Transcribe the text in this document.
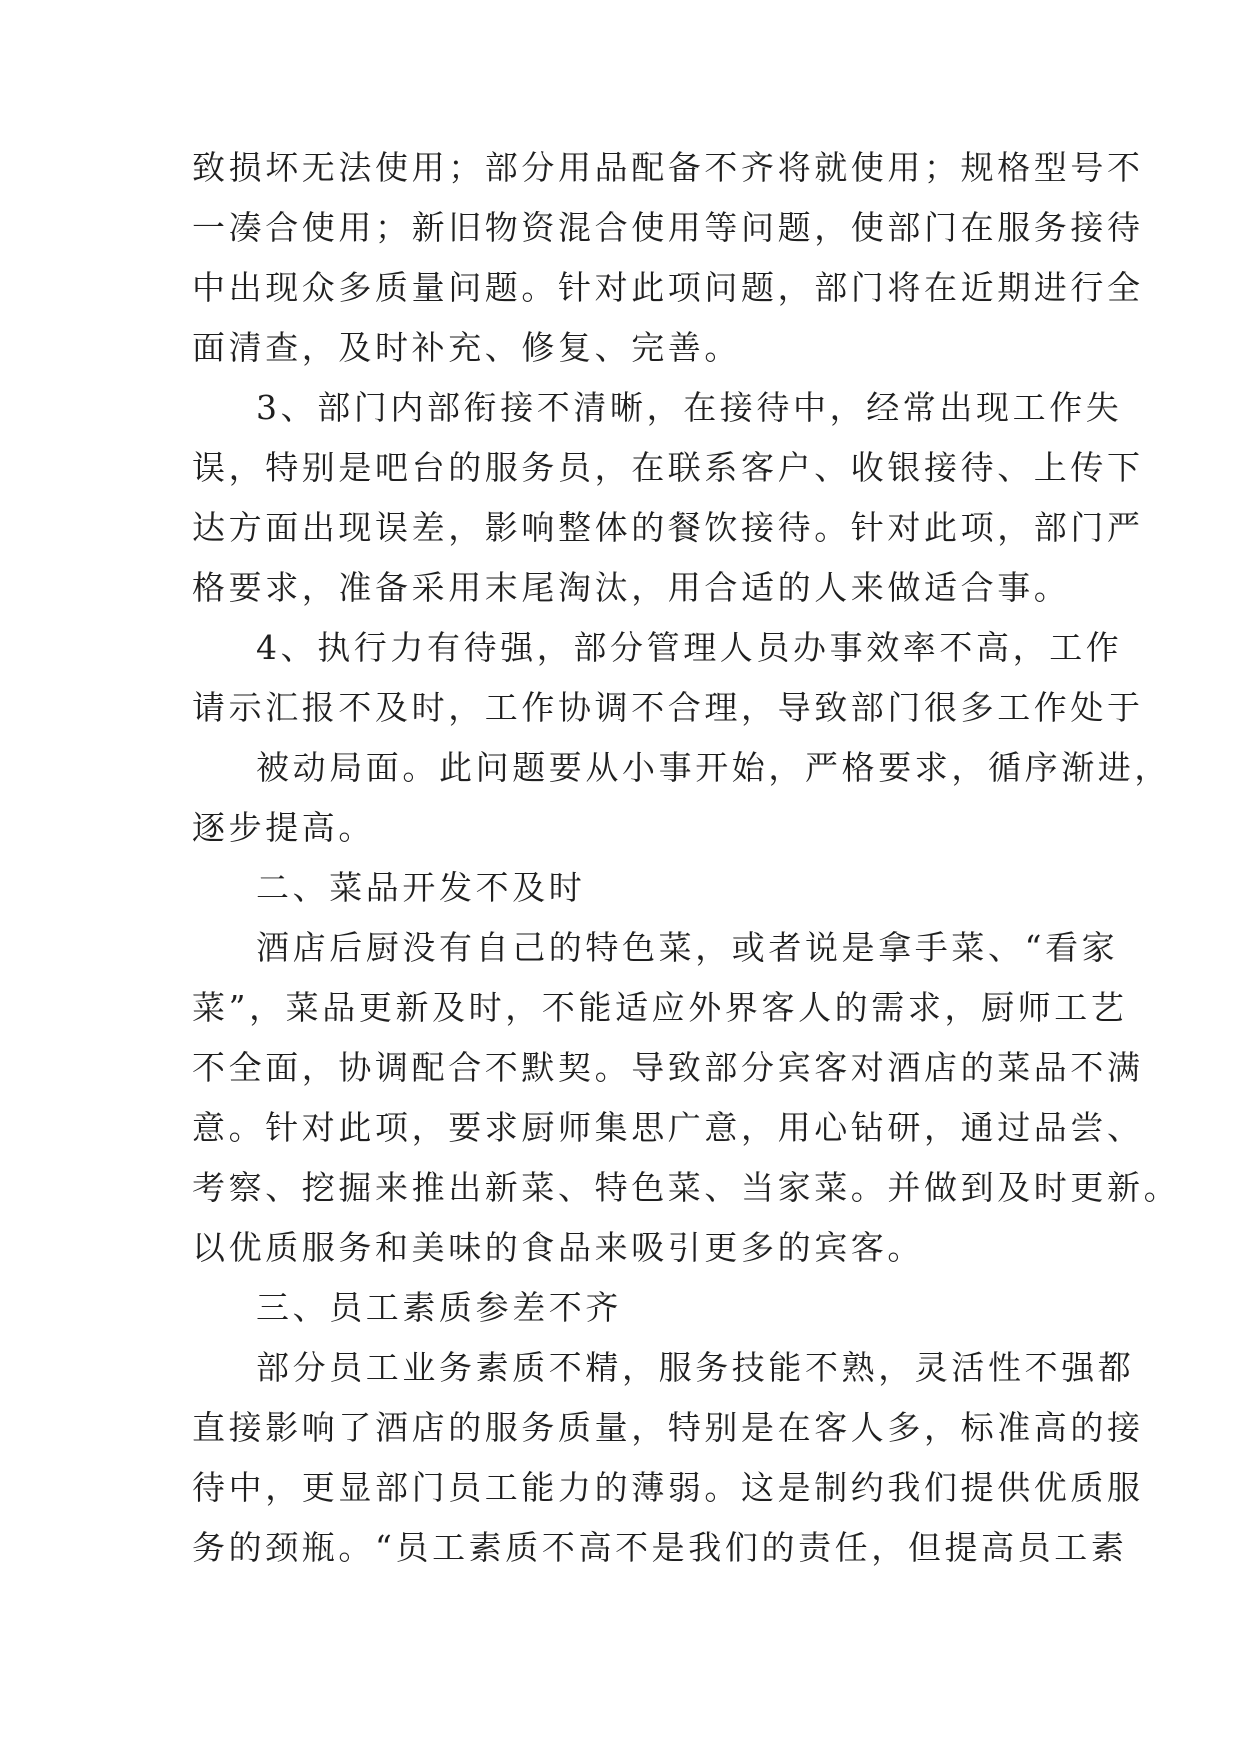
致损坏无法使用；部分用品配备不齐将就使用；规格型号不
一凑合使用；新旧物资混合使用等问题，使部门在服务接待
中出现众多质量问题。针对此项问题，部门将在近期进行全
面清查，及时补充、修复、完善。
3、部门内部衔接不清晰，在接待中，经常出现工作失
误，特别是吧台的服务员，在联系客户、收银接待、上传下
达方面出现误差，影响整体的餐饮接待。针对此项，部门严
格要求，准备采用末尾淘汰，用合适的人来做适合事。
4、执行力有待强，部分管理人员办事效率不高，工作
请示汇报不及时，工作协调不合理，导致部门很多工作处于
被动局面。此问题要从小事开始，严格要求，循序渐进，
逐步提高。
二、菜品开发不及时
酒店后厨没有自己的特色菜，或者说是拿手菜、“看家
菜”，菜品更新及时，不能适应外界客人的需求，厨师工艺
不全面，协调配合不默契。导致部分宾客对酒店的菜品不满
意。针对此项，要求厨师集思广意，用心钻研，通过品尝、
考察、挖掘来推出新菜、特色菜、当家菜。并做到及时更新。
以优质服务和美味的食品来吸引更多的宾客。
三、员工素质参差不齐
部分员工业务素质不精，服务技能不熟，灵活性不强都
直接影响了酒店的服务质量，特别是在客人多，标准高的接
待中，更显部门员工能力的薄弱。这是制约我们提供优质服
务的颈瓶。“员工素质不高不是我们的责任，但提高员工素
